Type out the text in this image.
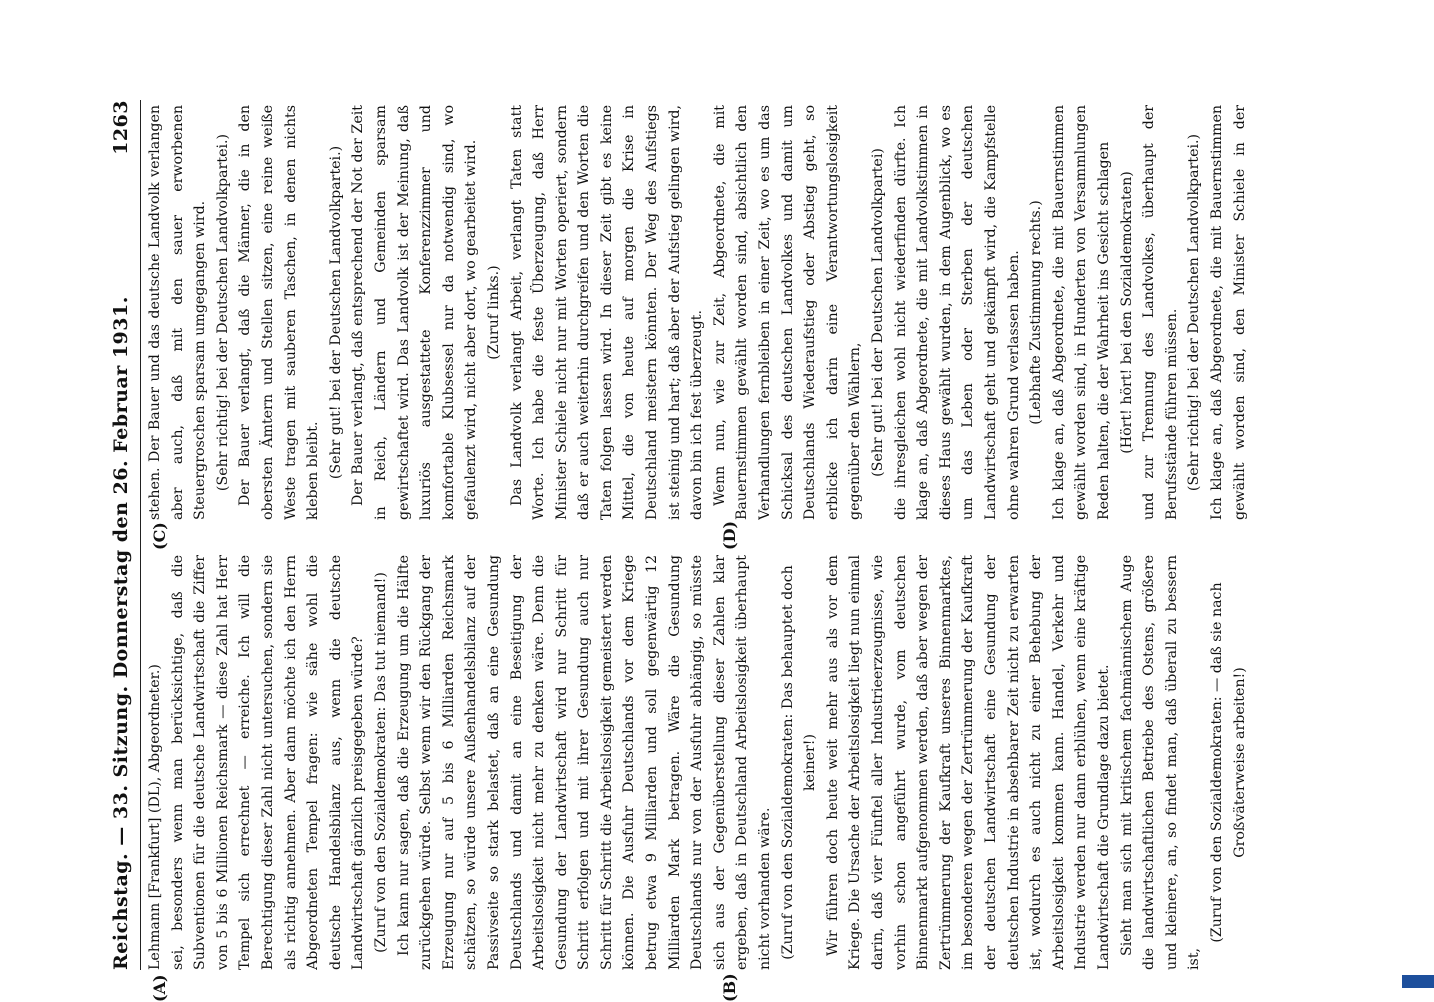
Reichstag. — 33. Sitzung. Donnerstag den 26. Februar 1931.
1263

Lehmann [Frankfurt] (DL), Abgeordneter.) sei, besonders wenn man berücksichtige, daß die Subventionen für die deutsche Landwirtschaft die Ziffer von 5 bis 6 Millionen Reichsmark — diese Zahl hat Herr Tempel sich errechnet — erreiche. Ich will die Berechtigung dieser Zahl nicht untersuchen, sondern sie als richtig annehmen. Aber dann möchte ich den Herrn Abgeordneten Tempel fragen: wie sähe wohl die deutsche Handelsbilanz aus, wenn die deutsche Landwirtschaft gänzlich preisgegeben würde? (Zuruf von den Sozialdemokraten: Das tut niemand!) Ich kann nur sagen, daß die Erzeugung um die Hälfte zurückgehen würde. Selbst wenn wir den Rückgang der Erzeugung nur auf 5 bis 6 Milliarden Reichsmark schätzen, so würde unsere Außenhandelsbilanz auf der Passivseite so stark belastet, daß an eine Gesundung Deutschlands und damit an eine Beseitigung der Arbeitslosigkeit nicht mehr zu denken wäre. Denn die Gesundung der Landwirtschaft wird nur Schritt für Schritt erfolgen und mit ihrer Gesundung auch nur Schritt für Schritt die Arbeitslosigkeit gemeistert werden können. Die Ausfuhr Deutschlands vor dem Kriege betrug etwa 9 Milliarden und soll gegenwärtig 12 Milliarden Mark betragen. Wäre die Gesundung Deutschlands nur von der Ausfuhr abhängig, so müsste sich aus der Gegenüberstellung dieser Zahlen klar ergeben, daß in Deutschland Arbeitslosigkeit überhaupt nicht vorhanden wäre. (Zuruf von den Sozialdemokraten: Das behauptet doch keiner!) Wir führen doch heute weit mehr aus als vor dem Kriege. Die Ursache der Arbeitslosigkeit liegt nun einmal darin, daß vier Fünftel aller Industrieerzeugnisse, wie vorhin schon angeführt wurde, vom deutschen Binnenmarkt aufgenommen werden, daß aber wegen der Zertrümmerung der Kaufkraft unseres Binnenmarktes, im besonderen wegen der Zertrümmerung der Kaufkraft der deutschen Landwirtschaft eine Gesundung der deutschen Industrie in absehbarer Zeit nicht zu erwarten ist, wodurch es auch nicht zu einer Behebung der Arbeitslosigkeit kommen kann. Handel, Verkehr und Industrie werden nur dann erblühen, wenn eine kräftige Landwirtschaft die Grundlage dazu bietet. Sieht man sich mit kritischem fachmännischem Auge die landwirtschaftlichen Betriebe des Ostens, größere und kleinere, an, so findet man, daß überall zu bessern ist,

(Zuruf von den Sozialdemokraten: — daß sie nach Großväterweise arbeiten!)

stehen. Der Bauer und das deutsche Landvolk verlangen aber auch, daß mit den sauer erworbenen Steuergroschen sparsam umgegangen wird. (Sehr richtig! bei der Deutschen Landvolkpartei.) Der Bauer verlangt, daß die Männer, die in den obersten Ämtern und Stellen sitzen, eine reine weiße Weste tragen mit sauberen Taschen, in denen nichts kleben bleibt. (Sehr gut! bei der Deutschen Landvolkpartei.) Der Bauer verlangt, daß entsprechend der Not der Zeit in Reich, Ländern und Gemeinden sparsam gewirtschaftet wird. Das Landvolk ist der Meinung, daß luxuriös ausgestattete Konferenzzimmer und komfortable Klubsessel nur da notwendig sind, wo gefaulenzt wird, nicht aber dort, wo gearbeitet wird. (Zuruf links.) Das Landvolk verlangt Arbeit, verlangt Taten statt Worte. Ich habe die feste Überzeugung, daß Herr Minister Schiele nicht nur mit Worten operiert, sondern daß er auch weiterhin durchgreifen und den Worten die Taten folgen lassen wird. In dieser Zeit gibt es keine Mittel, die von heute auf morgen die Krise in Deutschland meistern könnten. Der Weg des Aufstiegs ist steinig und hart; daß aber der Aufstieg gelingen wird, davon bin ich fest überzeugt. Wenn nun, wie zur Zeit, Abgeordnete, die mit Bauernstimmen gewählt worden sind, absichtlich den Verhandlungen fernbleiben in einer Zeit, wo es um das Schicksal des deutschen Landvolkes und damit um Deutschlands Wiederaufstieg oder Abstieg geht, so erblicke ich darin eine Verantwortungslosigkeit gegenüber den Wählern, (Sehr gut! bei der Deutschen Landvolkpartei) die ihresgleichen wohl nicht wiederfinden dürfte. Ich klage an, daß Abgeordnete, die mit Landvolkstimmen in dieses Haus gewählt wurden, in dem Augenblick, wo es um das Leben oder Sterben der deutschen Landwirtschaft geht und gekämpft wird, die Kampfstelle ohne wahren Grund verlassen haben. (Lebhafte Zustimmung rechts.) Ich klage an, daß Abgeordnete, die mit Bauernstimmen gewählt worden sind, in Hunderten von Versammlungen Reden halten, die der Wahrheit ins Gesicht schlagen (Hört! hört! bei den Sozialdemokraten) und zur Trennung des Landvolkes, überhaupt der Berufsstände führen müssen. (Sehr richtig! bei der Deutschen Landvolkpartei.)

Ich klage an, daß Abgeordnete, die mit Bauernstimmen gewählt worden sind, den Minister Schiele in der

(A)	(B)
(C)	(D)
